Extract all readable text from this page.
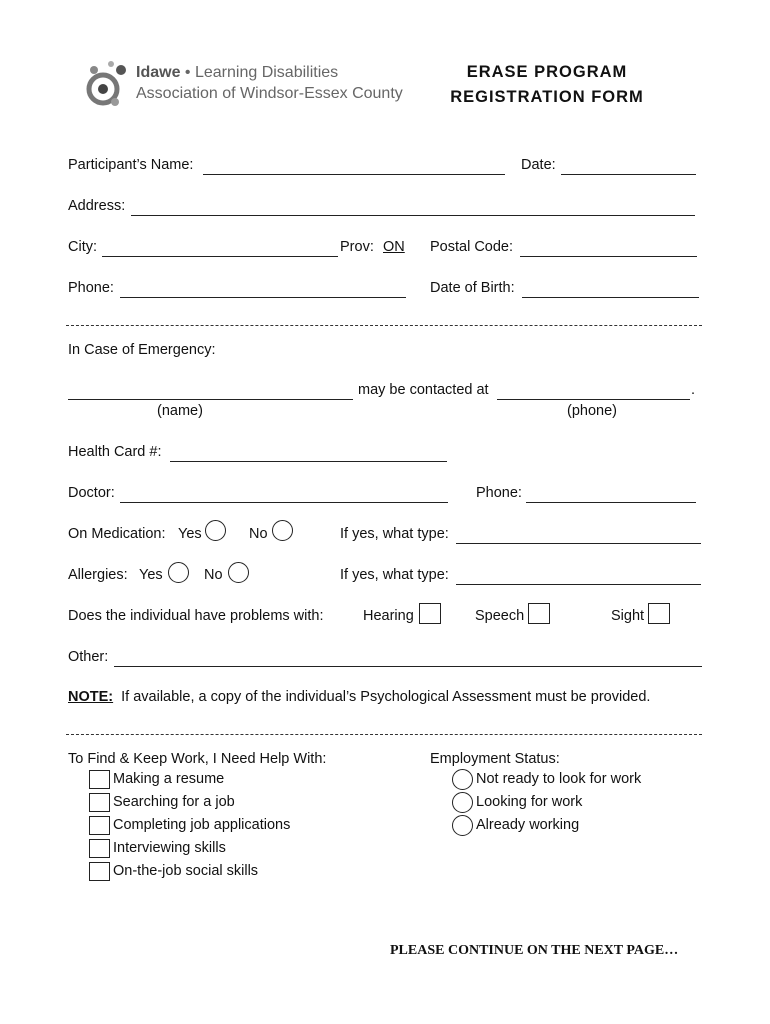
Idawe • Learning Disabilities
Association of Windsor-Essex County
ERASE PROGRAM
REGISTRATION FORM
Participant’s Name:	Date:
Address:
City:	Prov: ON Postal Code:
Phone:	Date of Birth:
In Case of Emergency:
may be contacted at	.
(name)	(phone)
Health Card #:
Doctor:	Phone:
On Medication: Yes	No	If yes, what type:
Allergies: Yes	No	If yes, what type:
Does the individual have problems with:	Hearing	Speech	Sight
Other:
NOTE: If available, a copy of the individual’s Psychological Assessment must be provided.
To Find & Keep Work, I Need Help With:
Making a resume
Searching for a job
Completing job applications
Interviewing skills
On-the-job social skills
Employment Status:
Not ready to look for work
Looking for work
Already working
PLEASE CONTINUE ON THE NEXT PAGE…
